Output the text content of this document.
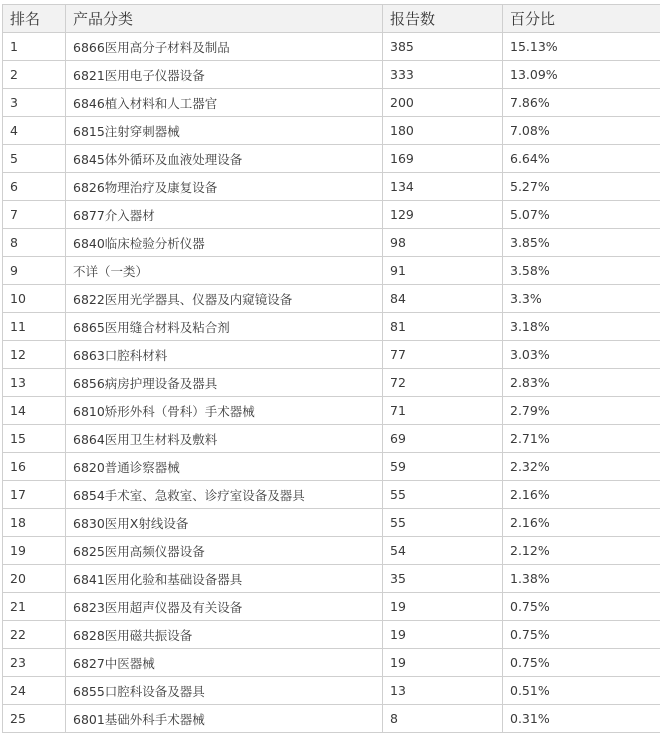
排名	产品分类	报告数	百分比
1	6866医用高分子材料及制品	385	15.13%
2	6821医用电子仪器设备	333	13.09%
3	6846植入材料和人工器官	200	7.86%
4	6815注射穿刺器械	180	7.08%
5	6845体外循环及血液处理设备	169	6.64%
6	6826物理治疗及康复设备	134	5.27%
7	6877介入器材	129	5.07%
8	6840临床检验分析仪器	98	3.85%
9	不详（一类）	91	3.58%
10	6822医用光学器具、仪器及内窥镜设备	84	3.3%
11	6865医用缝合材料及粘合剂	81	3.18%
12	6863口腔科材料	77	3.03%
13	6856病房护理设备及器具	72	2.83%
14	6810矫形外科（骨科）手术器械	71	2.79%
15	6864医用卫生材料及敷料	69	2.71%
16	6820普通诊察器械	59	2.32%
17	6854手术室、急救室、诊疗室设备及器具	55	2.16%
18	6830医用X射线设备	55	2.16%
19	6825医用高频仪器设备	54	2.12%
20	6841医用化验和基础设备器具	35	1.38%
21	6823医用超声仪器及有关设备	19	0.75%
22	6828医用磁共振设备	19	0.75%
23	6827中医器械	19	0.75%
24	6855口腔科设备及器具	13	0.51%
25	6801基础外科手术器械	8	0.31%
